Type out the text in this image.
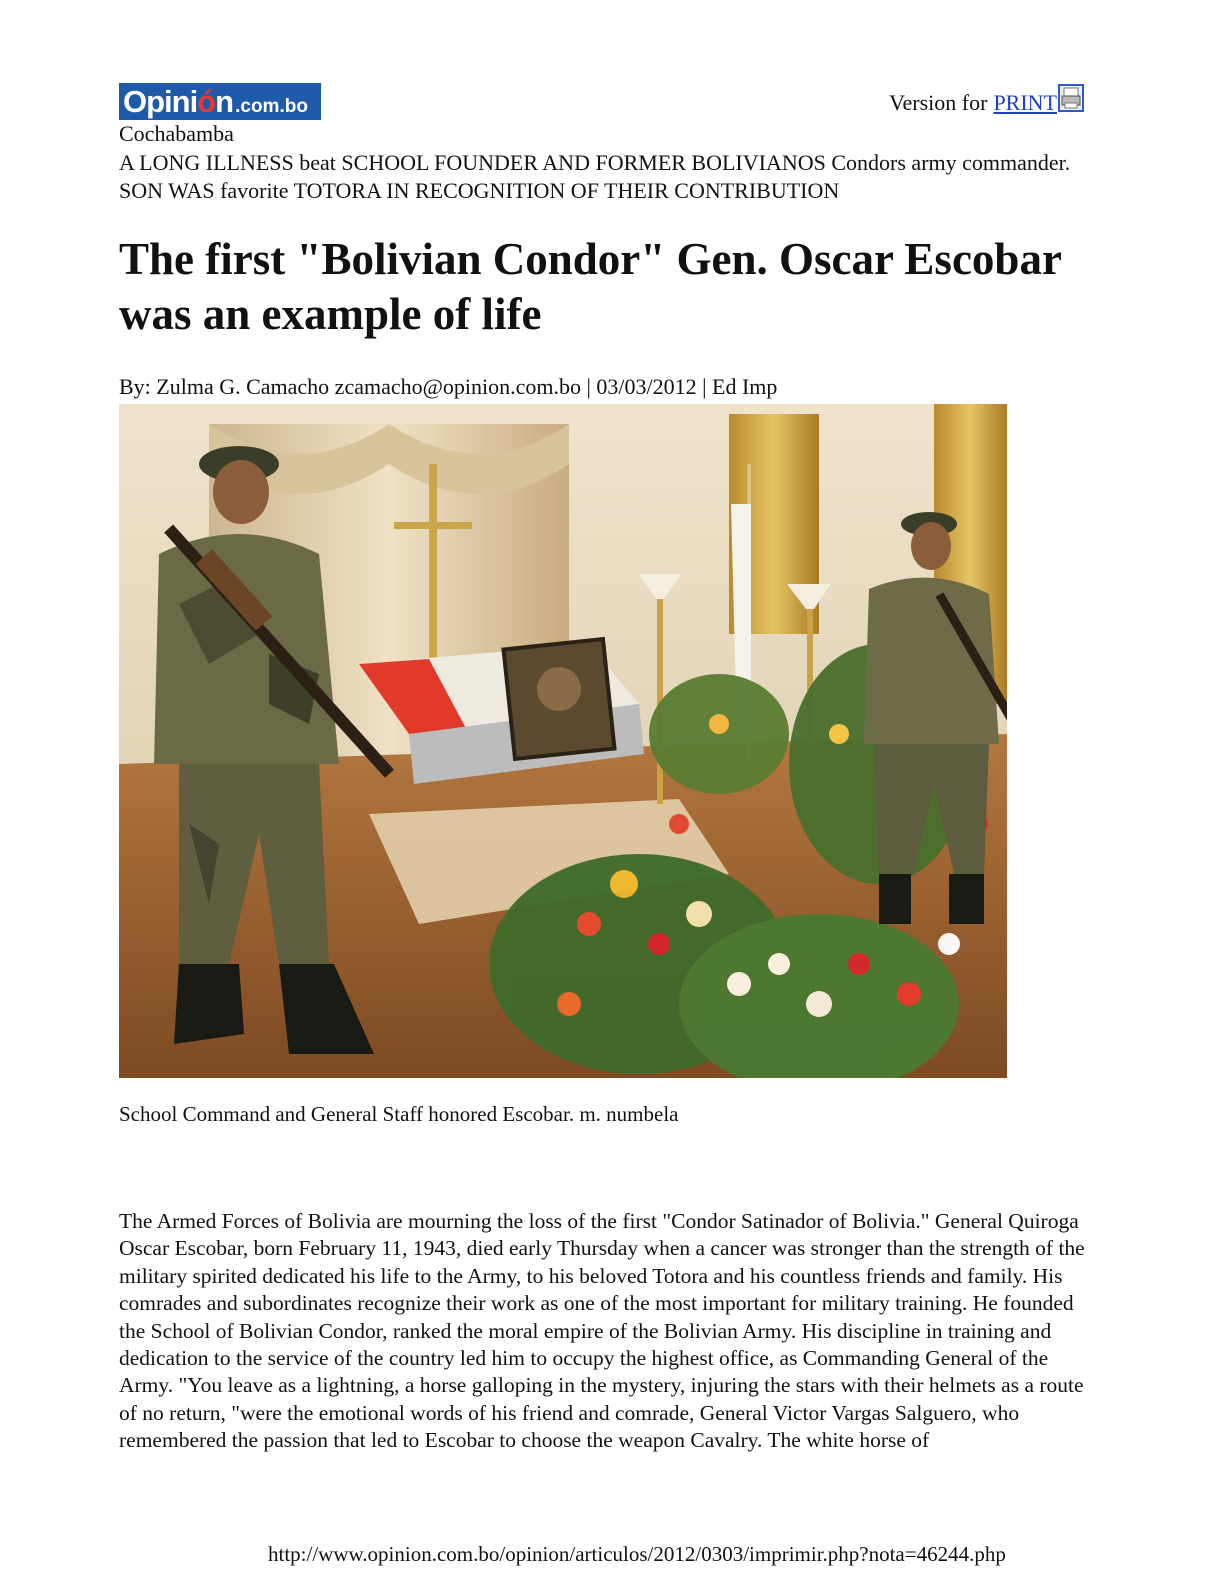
Opinión .com.bo	Version for PRINT
Cochabamba
A LONG ILLNESS beat SCHOOL FOUNDER AND FORMER BOLIVIANOS Condors army commander. SON WAS favorite TOTORA IN RECOGNITION OF THEIR CONTRIBUTION
The first "Bolivian Condor" Gen. Oscar Escobar was an example of life
By: Zulma G. Camacho zcamacho@opinion.com.bo | 03/03/2012 | Ed Imp
School Command and General Staff honored Escobar. m. numbela

The Armed Forces of Bolivia are mourning the loss of the first "Condor Satinador of Bolivia." General Quiroga Oscar Escobar, born February 11, 1943, died early Thursday when a cancer was stronger than the strength of the military spirited dedicated his life to the Army, to his beloved Totora and his countless friends and family. His comrades and subordinates recognize their work as one of the most important for military training. He founded the School of Bolivian Condor, ranked the moral empire of the Bolivian Army. His discipline in training and dedication to the service of the country led him to occupy the highest office, as Commanding General of the Army. "You leave as a lightning, a horse galloping in the mystery, injuring the stars with their helmets as a route of no return, "were the emotional words of his friend and comrade, General Victor Vargas Salguero, who remembered the passion that led to Escobar to choose the weapon Cavalry. The white horse of

http://www.opinion.com.bo/opinion/articulos/2012/0303/imprimir.php?nota=46244.php
